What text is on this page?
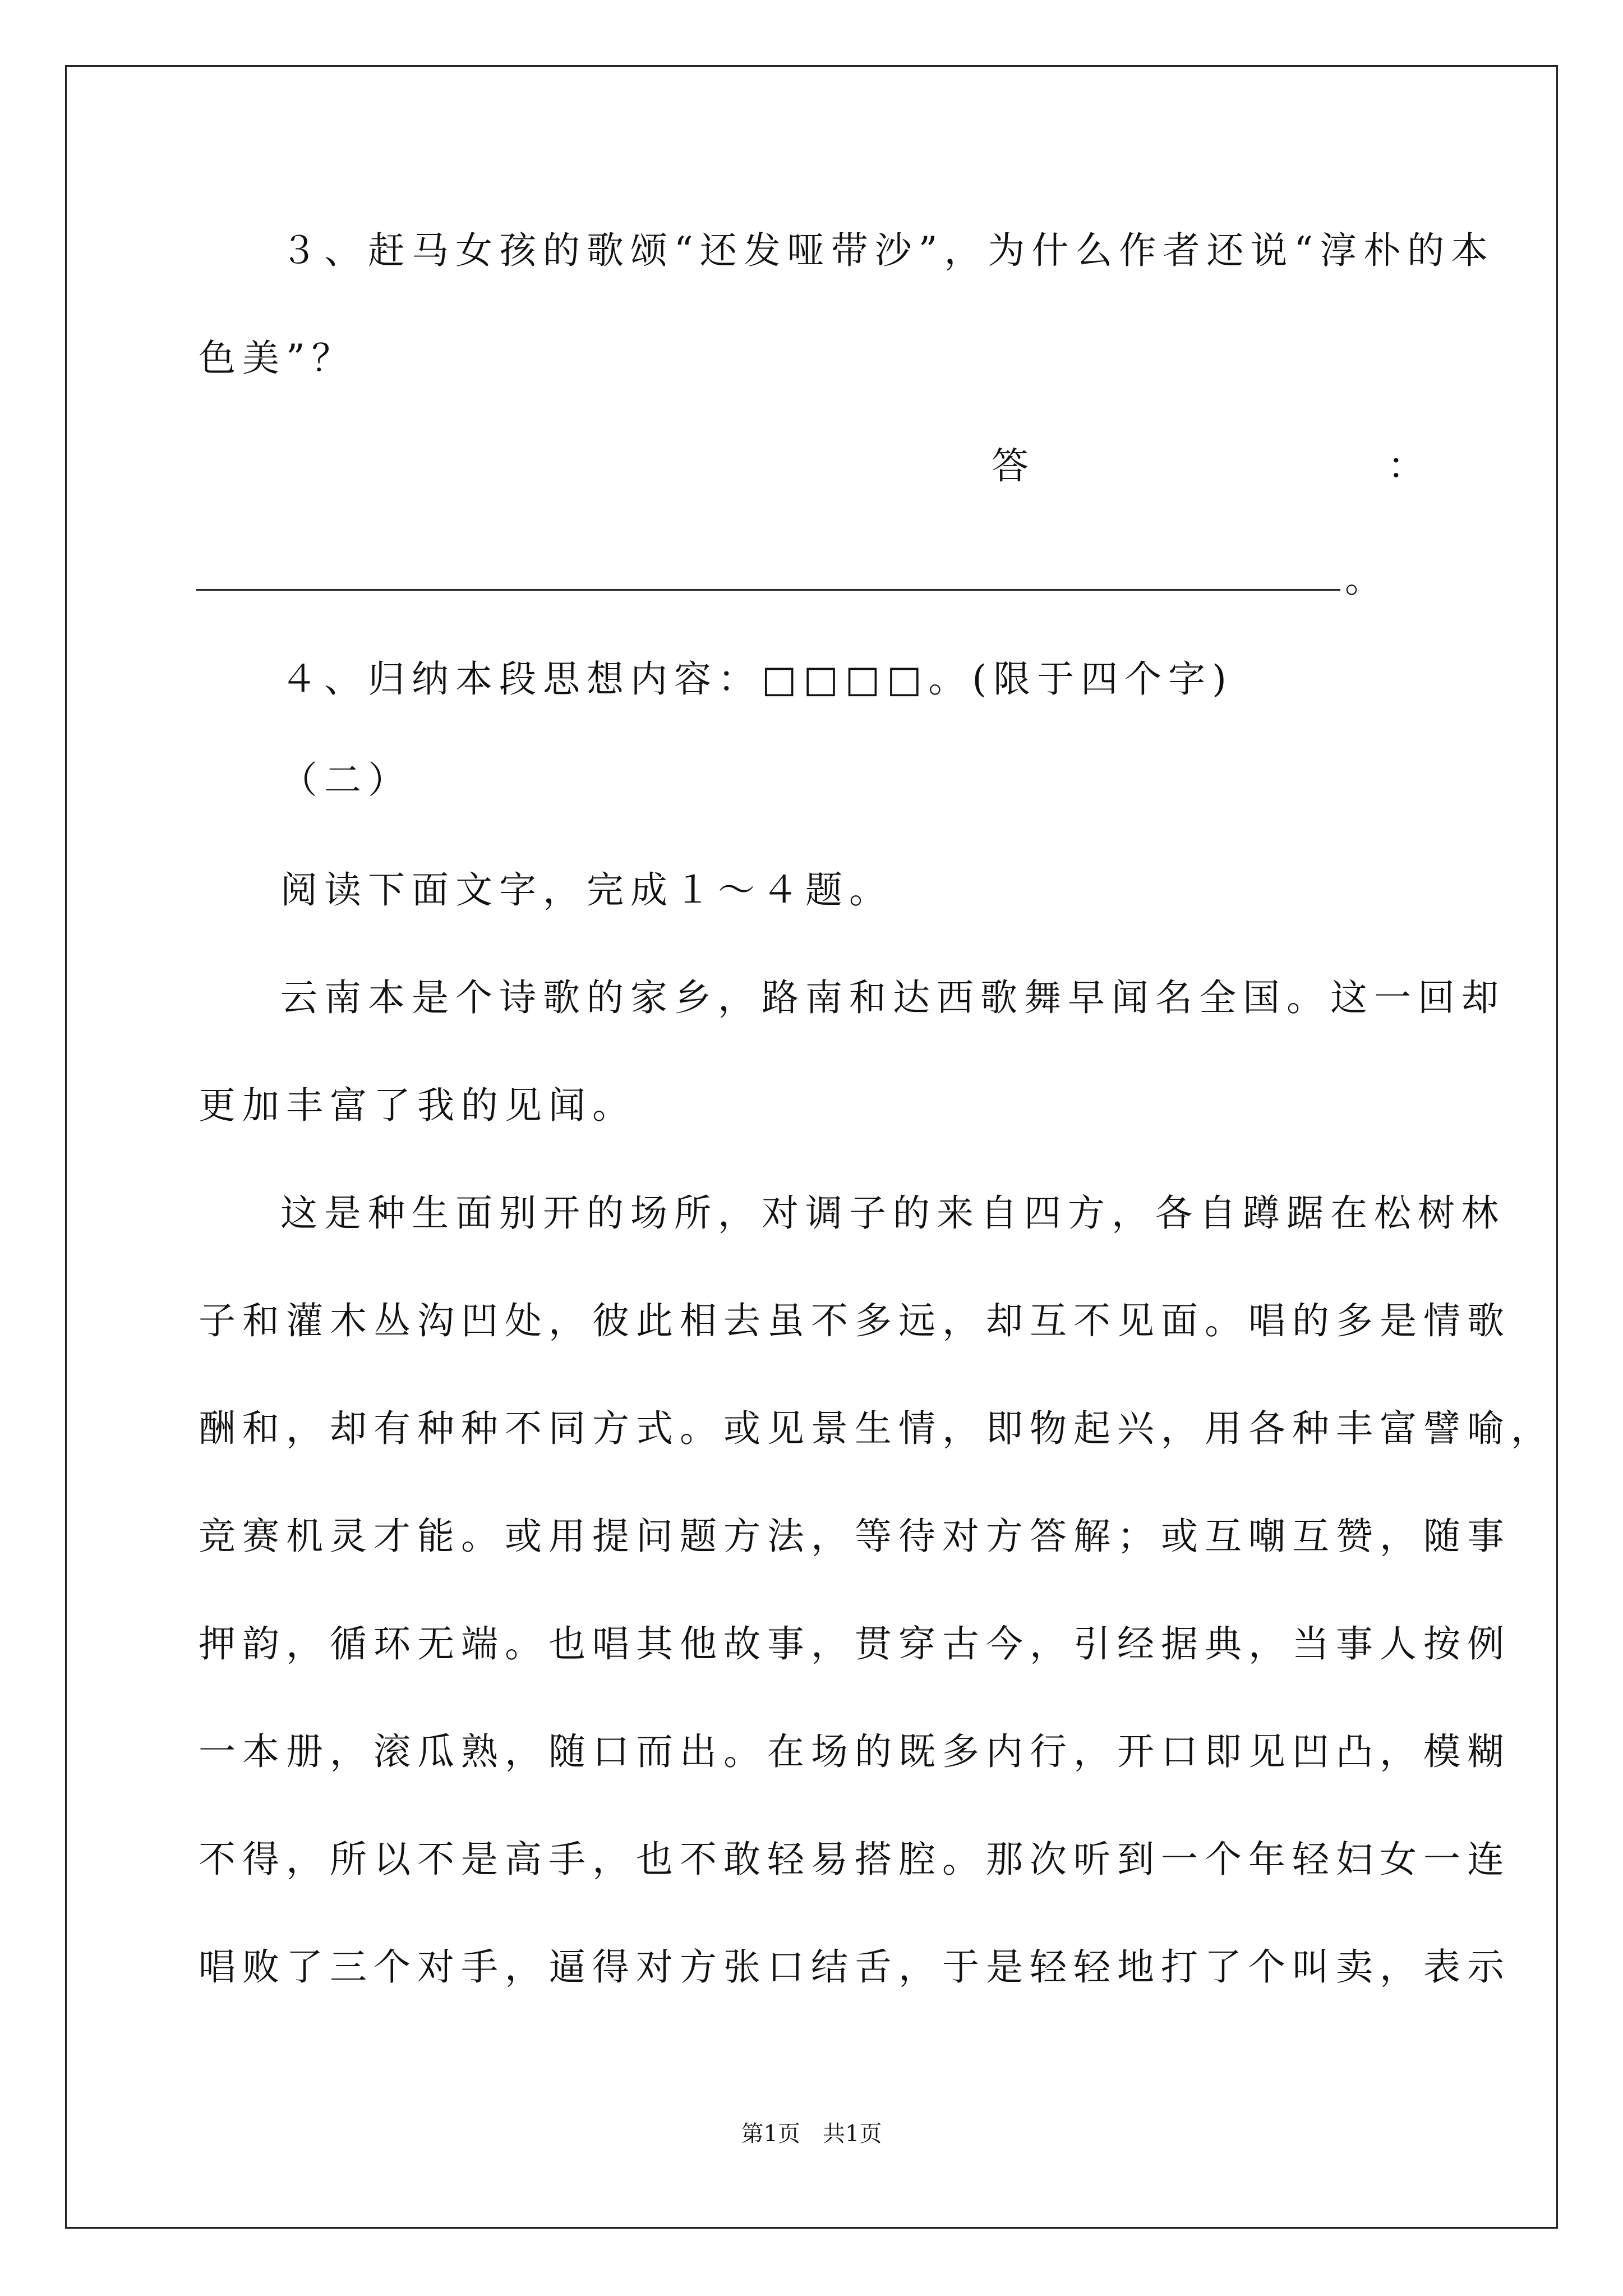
３、赶马女孩的歌颂“还发哑带沙”，为什么作者还说“淳朴的本
色美”？
答	：
。
４、归纳本段思想内容：□□□□。(限于四个字)
（二）
阅读下面文字，完成１～４题。
云南本是个诗歌的家乡，路南和达西歌舞早闻名全国。这一回却
更加丰富了我的见闻。
这是种生面别开的场所，对调子的来自四方，各自蹲踞在松树林
子和灌木丛沟凹处，彼此相去虽不多远，却互不见面。唱的多是情歌
酬和，却有种种不同方式。或见景生情，即物起兴，用各种丰富譬喻，
竞赛机灵才能。或用提问题方法，等待对方答解；或互嘲互赞，随事
押韵，循环无端。也唱其他故事，贯穿古今，引经据典，当事人按例
一本册，滚瓜熟，随口而出。在场的既多内行，开口即见凹凸，模糊
不得，所以不是高手，也不敢轻易搭腔。那次听到一个年轻妇女一连
唱败了三个对手，逼得对方张口结舌，于是轻轻地打了个叫卖，表示
第1页　共1页
